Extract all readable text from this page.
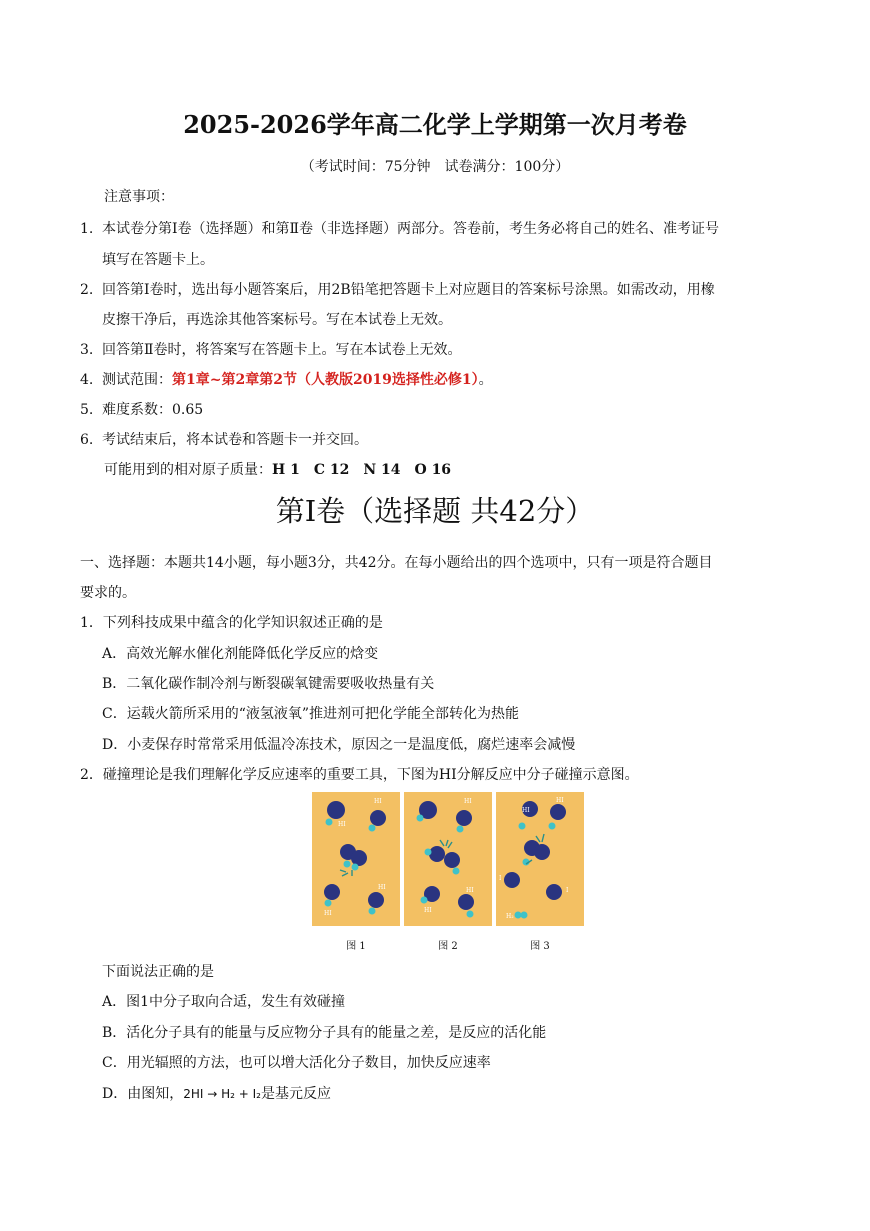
2025-2026学年高二化学上学期第一次月考卷
（考试时间：75分钟　试卷满分：100分）
注意事项：
1. 本试卷分第Ⅰ卷（选择题）和第Ⅱ卷（非选择题）两部分。答卷前，考生务必将自己的姓名、准考证号
填写在答题卡上。
2. 回答第Ⅰ卷时，选出每小题答案后，用2B铅笔把答题卡上对应题目的答案标号涂黑。如需改动，用橡
皮擦干净后，再选涂其他答案标号。写在本试卷上无效。
3. 回答第Ⅱ卷时，将答案写在答题卡上。写在本试卷上无效。
4. 测试范围：第1章~第2章第2节（人教版2019选择性必修1）。
5. 难度系数：0.65
6. 考试结束后，将本试卷和答题卡一并交回。
可能用到的相对原子质量：H 1　C 12　N 14　O 16
第Ⅰ卷（选择题 共42分）
一、选择题：本题共14小题，每小题3分，共42分。在每小题给出的四个选项中，只有一项是符合题目
要求的。
1．下列科技成果中蕴含的化学知识叙述正确的是
A．高效光解水催化剂能降低化学反应的焓变
B．二氧化碳作制冷剂与断裂碳氧键需要吸收热量有关
C．运载火箭所采用的“液氢液氧”推进剂可把化学能全部转化为热能
D．小麦保存时常常采用低温冷冻技术，原因之一是温度低，腐烂速率会减慢
2．碰撞理论是我们理解化学反应速率的重要工具，下图为HI分解反应中分子碰撞示意图。
HI
HI
HI
HI
HI
HI
HI
HI
HI
I
I
H₂
图 1	图 2	图 3
下面说法正确的是
A．图1中分子取向合适，发生有效碰撞
B．活化分子具有的能量与反应物分子具有的能量之差，是反应的活化能
C．用光辐照的方法，也可以增大活化分子数目，加快反应速率
D．由图知，2HI → H₂ + I₂是基元反应
